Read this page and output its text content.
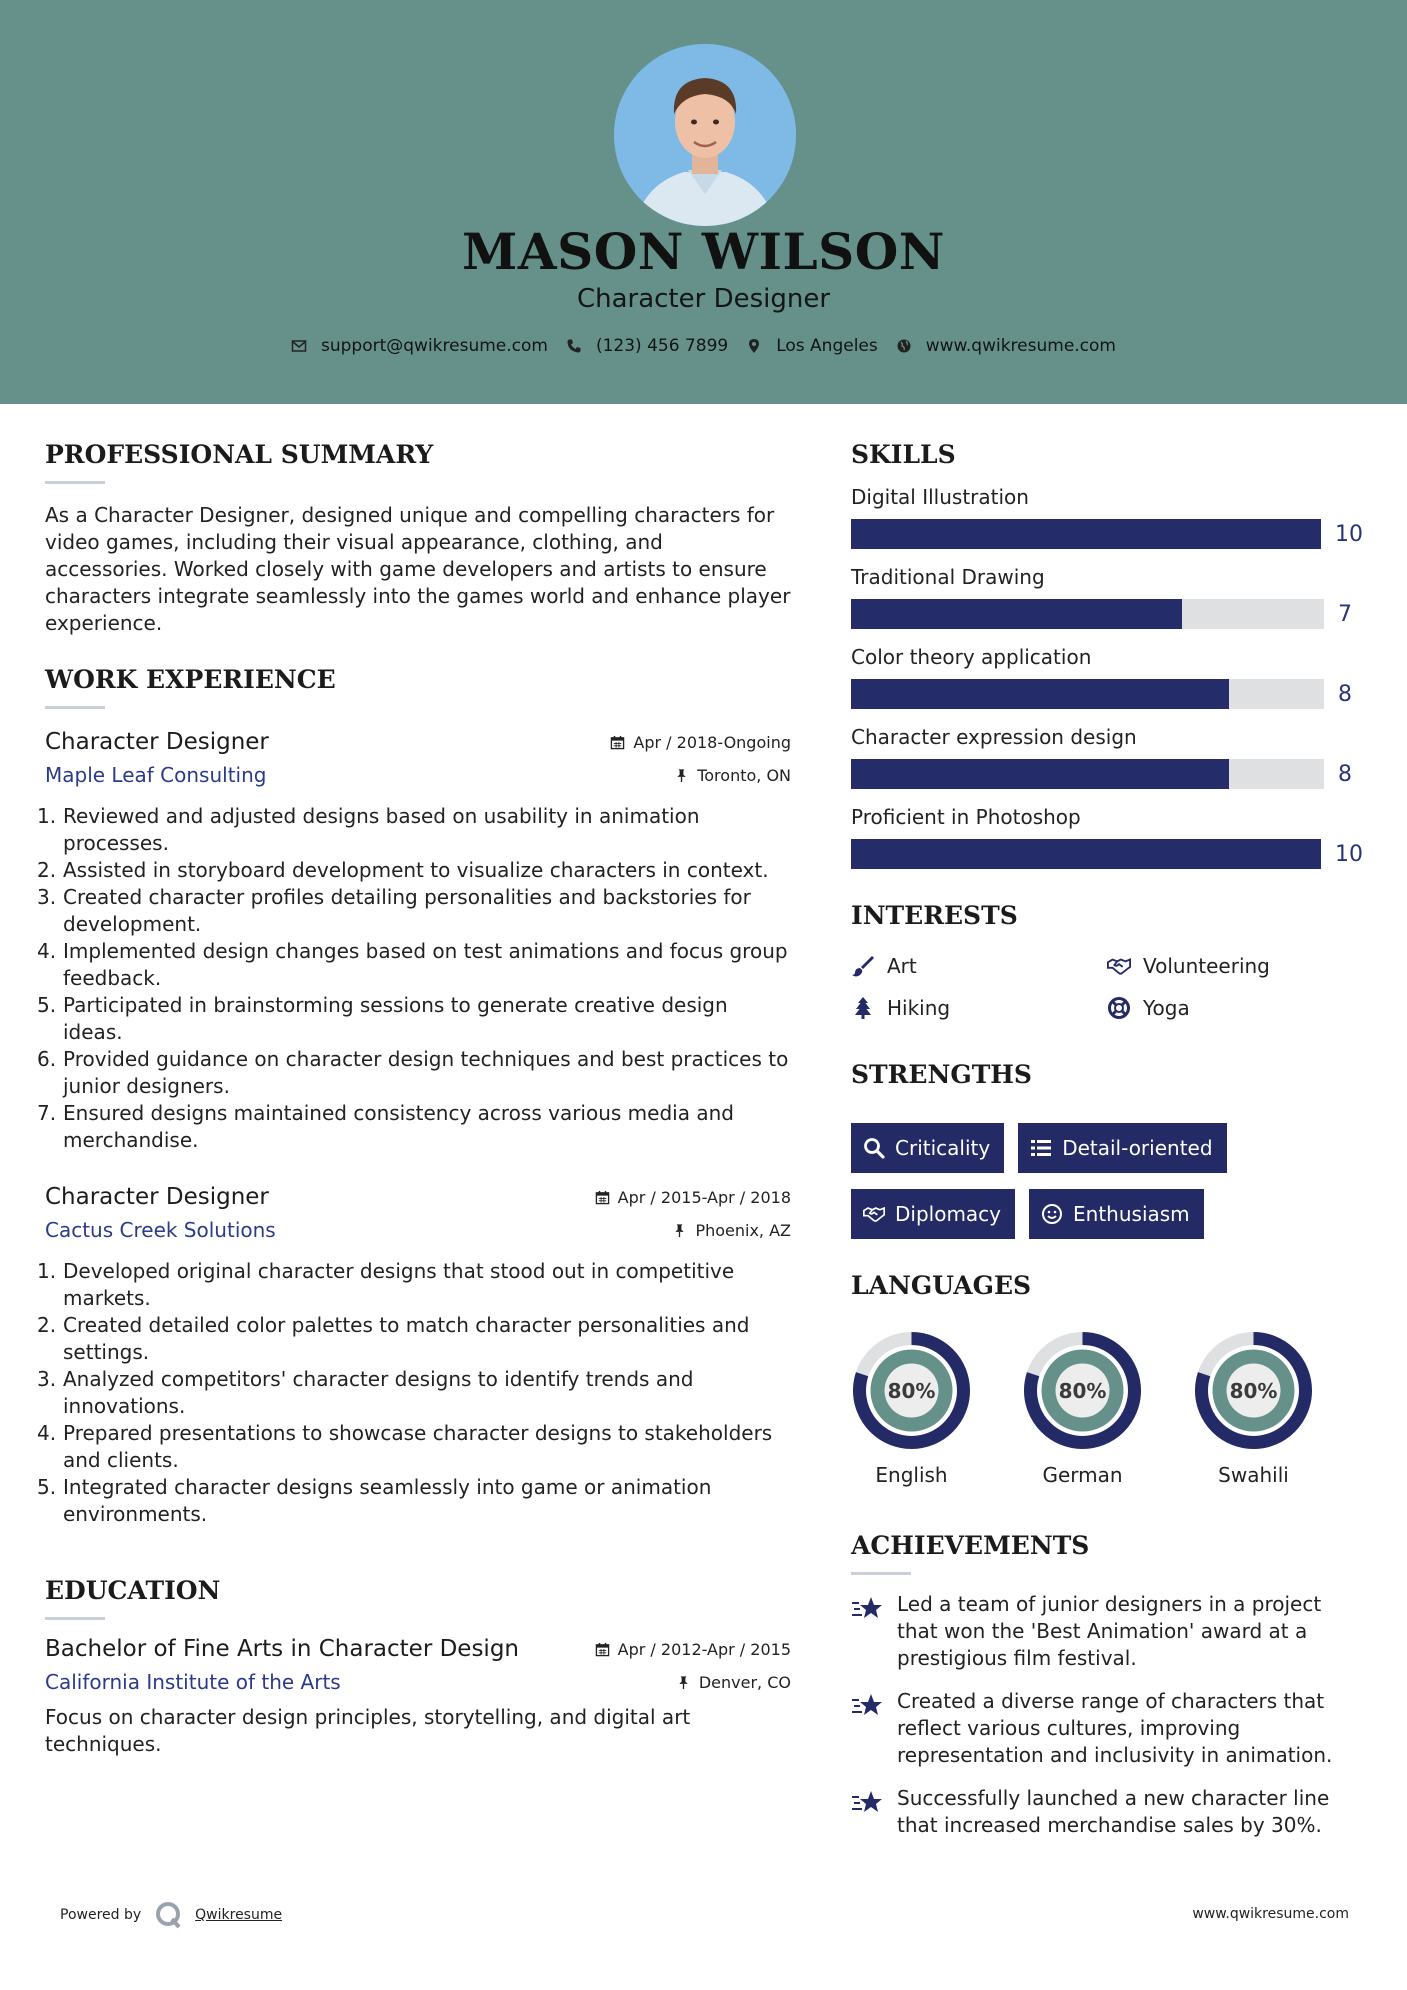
MASON WILSON
Character Designer
support@qwikresume.com	(123) 456 7899	Los Angeles	www.qwikresume.com
PROFESSIONAL SUMMARY
As a Character Designer, designed unique and compelling characters for video games, including their visual appearance, clothing, and accessories. Worked closely with game developers and artists to ensure characters integrate seamlessly into the games world and enhance player experience.
WORK EXPERIENCE
Character Designer	Apr / 2018-Ongoing
Maple Leaf Consulting	Toronto, ON
1. Reviewed and adjusted designs based on usability in animation processes.
2. Assisted in storyboard development to visualize characters in context.
3. Created character profiles detailing personalities and backstories for development.
4. Implemented design changes based on test animations and focus group feedback.
5. Participated in brainstorming sessions to generate creative design ideas.
6. Provided guidance on character design techniques and best practices to junior designers.
7. Ensured designs maintained consistency across various media and merchandise.
Character Designer	Apr / 2015-Apr / 2018
Cactus Creek Solutions	Phoenix, AZ
1. Developed original character designs that stood out in competitive markets.
2. Created detailed color palettes to match character personalities and settings.
3. Analyzed competitors' character designs to identify trends and innovations.
4. Prepared presentations to showcase character designs to stakeholders and clients.
5. Integrated character designs seamlessly into game or animation environments.
EDUCATION
Bachelor of Fine Arts in Character Design	Apr / 2012-Apr / 2015
California Institute of the Arts	Denver, CO
Focus on character design principles, storytelling, and digital art techniques.
SKILLS
Digital Illustration
10
Traditional Drawing
7
Color theory application
8
Character expression design
8
Proficient in Photoshop
10
INTERESTS
Art	Volunteering
Hiking	Yoga
STRENGTHS
Criticality	Detail-oriented
Diplomacy	Enthusiasm
LANGUAGES
80%
English
80%
German
80%
Swahili
ACHIEVEMENTS
Led a team of junior designers in a project that won the 'Best Animation' award at a prestigious film festival.
Created a diverse range of characters that reflect various cultures, improving representation and inclusivity in animation.
Successfully launched a new character line that increased merchandise sales by 30%.
Powered by	Qwikresume	www.qwikresume.com
